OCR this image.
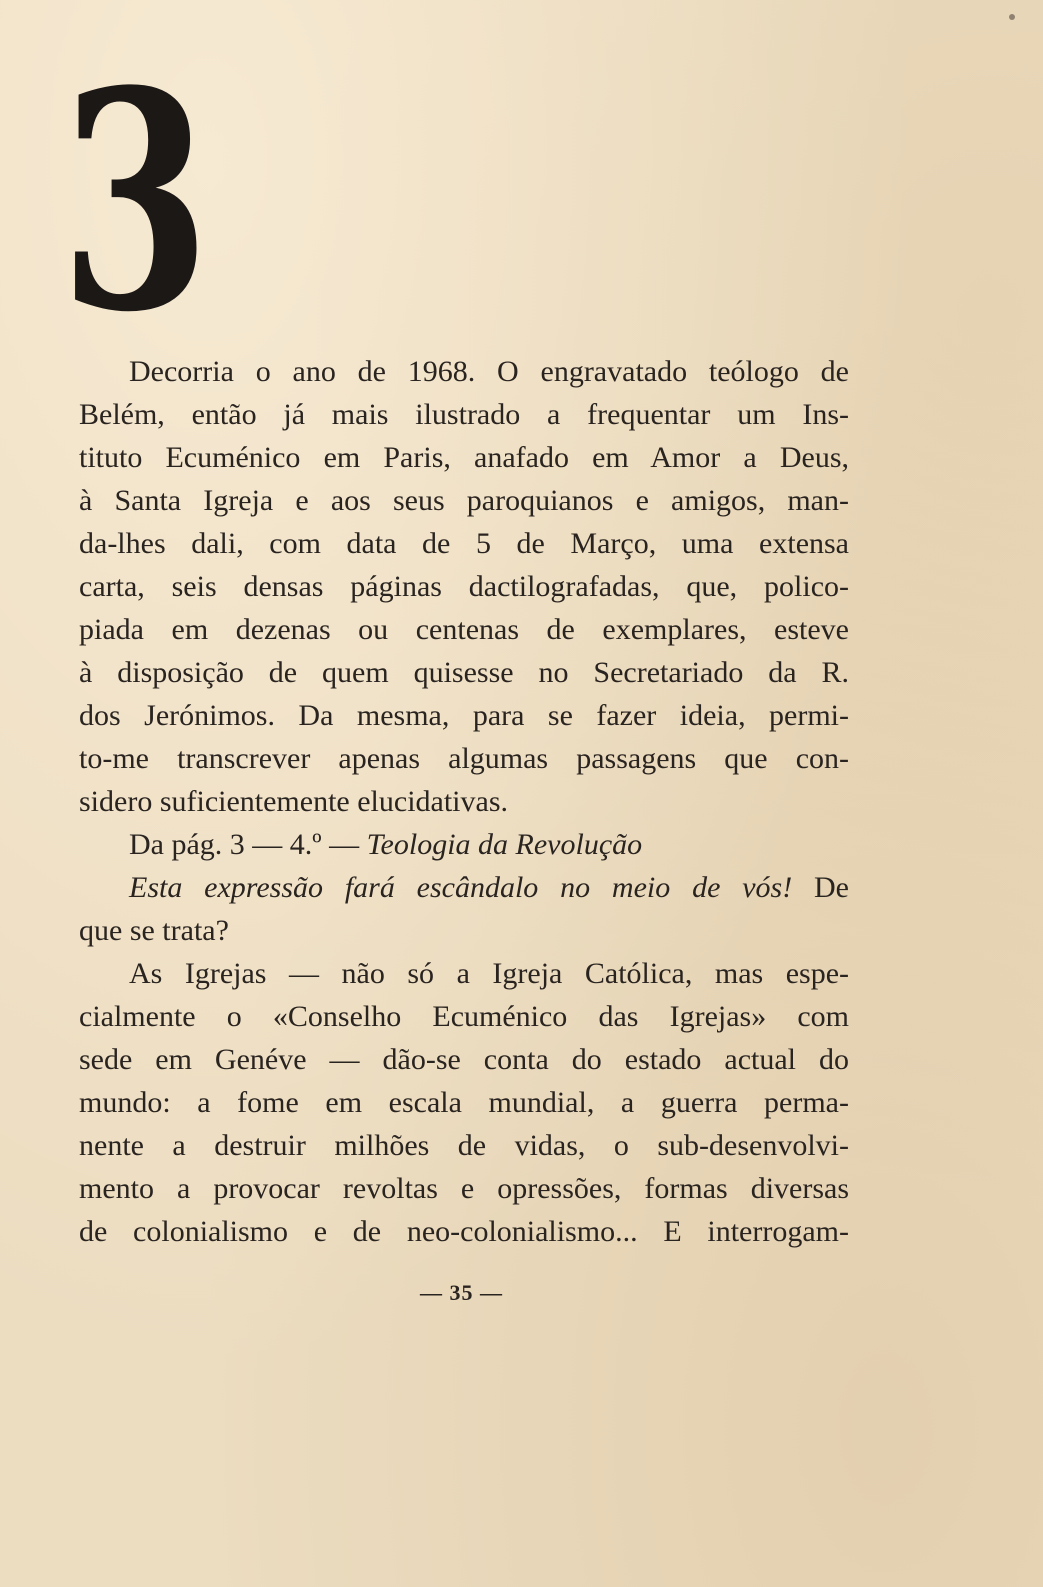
3
Decorria o ano de 1968. O engravatado teólogo de
Belém, então já mais ilustrado a frequentar um Ins-
tituto Ecuménico em Paris, anafado em Amor a Deus,
à Santa Igreja e aos seus paroquianos e amigos, man-
da-lhes dali, com data de 5 de Março, uma extensa
carta, seis densas páginas dactilografadas, que, polico-
piada em dezenas ou centenas de exemplares, esteve
à disposição de quem quisesse no Secretariado da R.
dos Jerónimos. Da mesma, para se fazer ideia, permi-
to-me transcrever apenas algumas passagens que con-
sidero suficientemente elucidativas.
Da pág. 3 — 4.º — Teologia da Revolução
Esta expressão fará escândalo no meio de vós! De
que se trata?
As Igrejas — não só a Igreja Católica, mas espe-
cialmente o «Conselho Ecuménico das Igrejas» com
sede em Genéve — dão-se conta do estado actual do
mundo: a fome em escala mundial, a guerra perma-
nente a destruir milhões de vidas, o sub-desenvolvi-
mento a provocar revoltas e opressões, formas diversas
de colonialismo e de neo-colonialismo... E interrogam-
— 35 —
